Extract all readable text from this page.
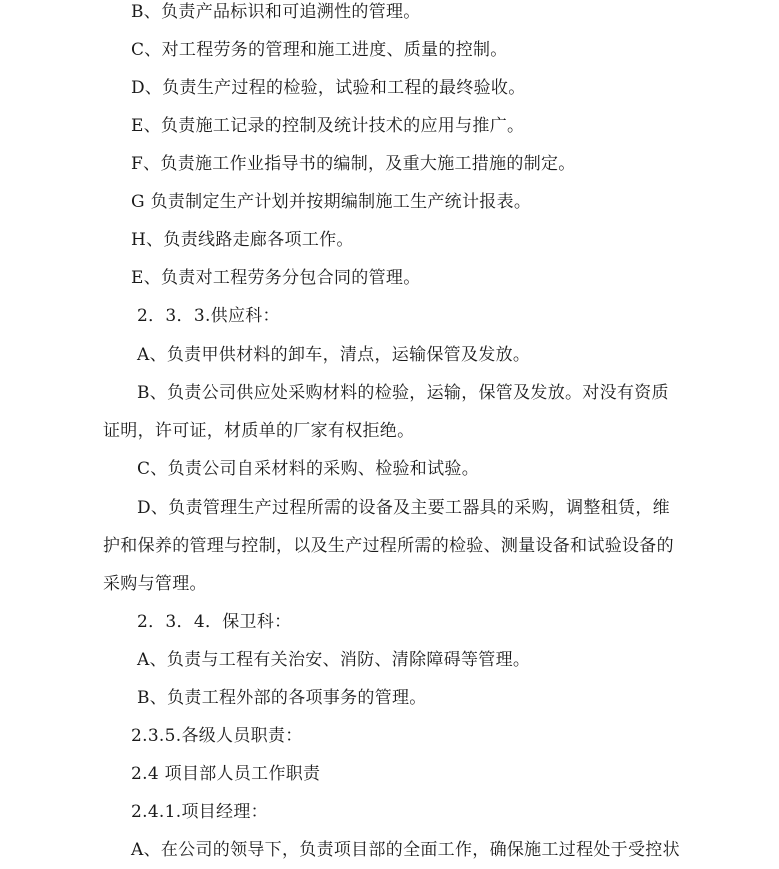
B、负责产品标识和可追溯性的管理。
C、对工程劳务的管理和施工进度、质量的控制。
D、负责生产过程的检验，试验和工程的最终验收。
E、负责施工记录的控制及统计技术的应用与推广。
F、负责施工作业指导书的编制，及重大施工措施的制定。
G 负责制定生产计划并按期编制施工生产统计报表。
H、负责线路走廊各项工作。
E、负责对工程劳务分包合同的管理。
2．3．3.供应科：
A、负责甲供材料的卸车，清点，运输保管及发放。
B、负责公司供应处采购材料的检验，运输，保管及发放。对没有资质
证明，许可证，材质单的厂家有权拒绝。
C、负责公司自采材料的采购、检验和试验。
D、负责管理生产过程所需的设备及主要工器具的采购，调整租赁，维
护和保养的管理与控制，以及生产过程所需的检验、测量设备和试验设备的
采购与管理。
2．3．4．保卫科：
A、负责与工程有关治安、消防、清除障碍等管理。
B、负责工程外部的各项事务的管理。
2.3.5.各级人员职责：
2.4 项目部人员工作职责
2.4.1.项目经理：
A、在公司的领导下，负责项目部的全面工作，确保施工过程处于受控状
